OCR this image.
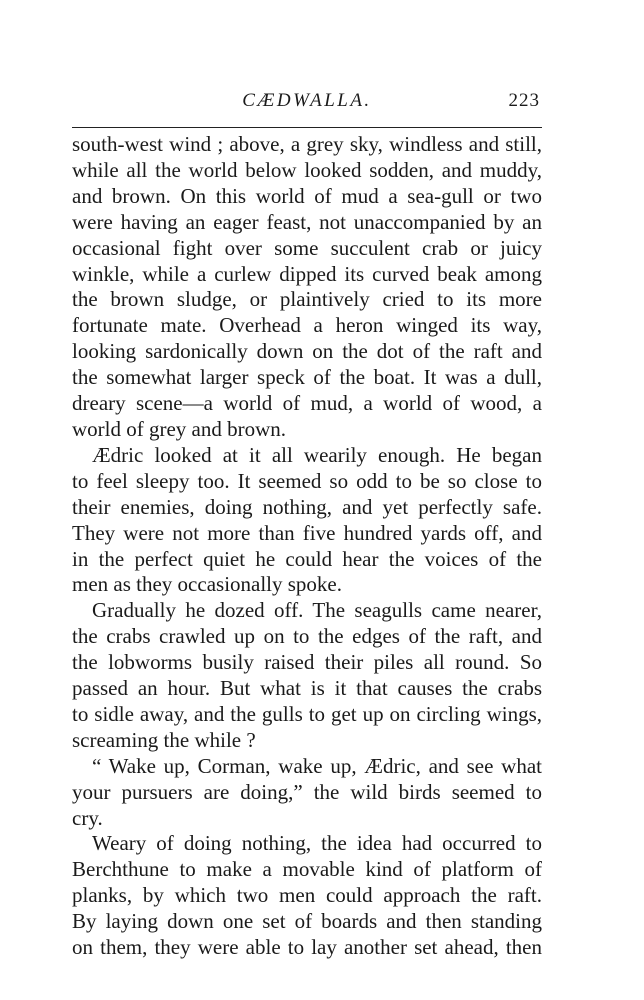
CÆDWALLA.	223
south-west wind ; above, a grey sky, windless and still,
while all the world below looked sodden, and muddy,
and brown. On this world of mud a sea-gull or two
were having an eager feast, not unaccompanied by an
occasional fight over some succulent crab or juicy
winkle, while a curlew dipped its curved beak among
the brown sludge, or plaintively cried to its more
fortunate mate. Overhead a heron winged its way,
looking sardonically down on the dot of the raft and
the somewhat larger speck of the boat. It was a dull,
dreary scene—a world of mud, a world of wood, a
world of grey and brown.
Ædric looked at it all wearily enough. He began
to feel sleepy too. It seemed so odd to be so close to
their enemies, doing nothing, and yet perfectly safe.
They were not more than five hundred yards off, and
in the perfect quiet he could hear the voices of the
men as they occasionally spoke.
Gradually he dozed off. The seagulls came nearer,
the crabs crawled up on to the edges of the raft, and
the lobworms busily raised their piles all round. So
passed an hour. But what is it that causes the crabs
to sidle away, and the gulls to get up on circling wings,
screaming the while ?
“ Wake up, Corman, wake up, Ædric, and see what
your pursuers are doing,” the wild birds seemed to
cry.
Weary of doing nothing, the idea had occurred to
Berchthune to make a movable kind of platform of
planks, by which two men could approach the raft.
By laying down one set of boards and then standing
on them, they were able to lay another set ahead, then
